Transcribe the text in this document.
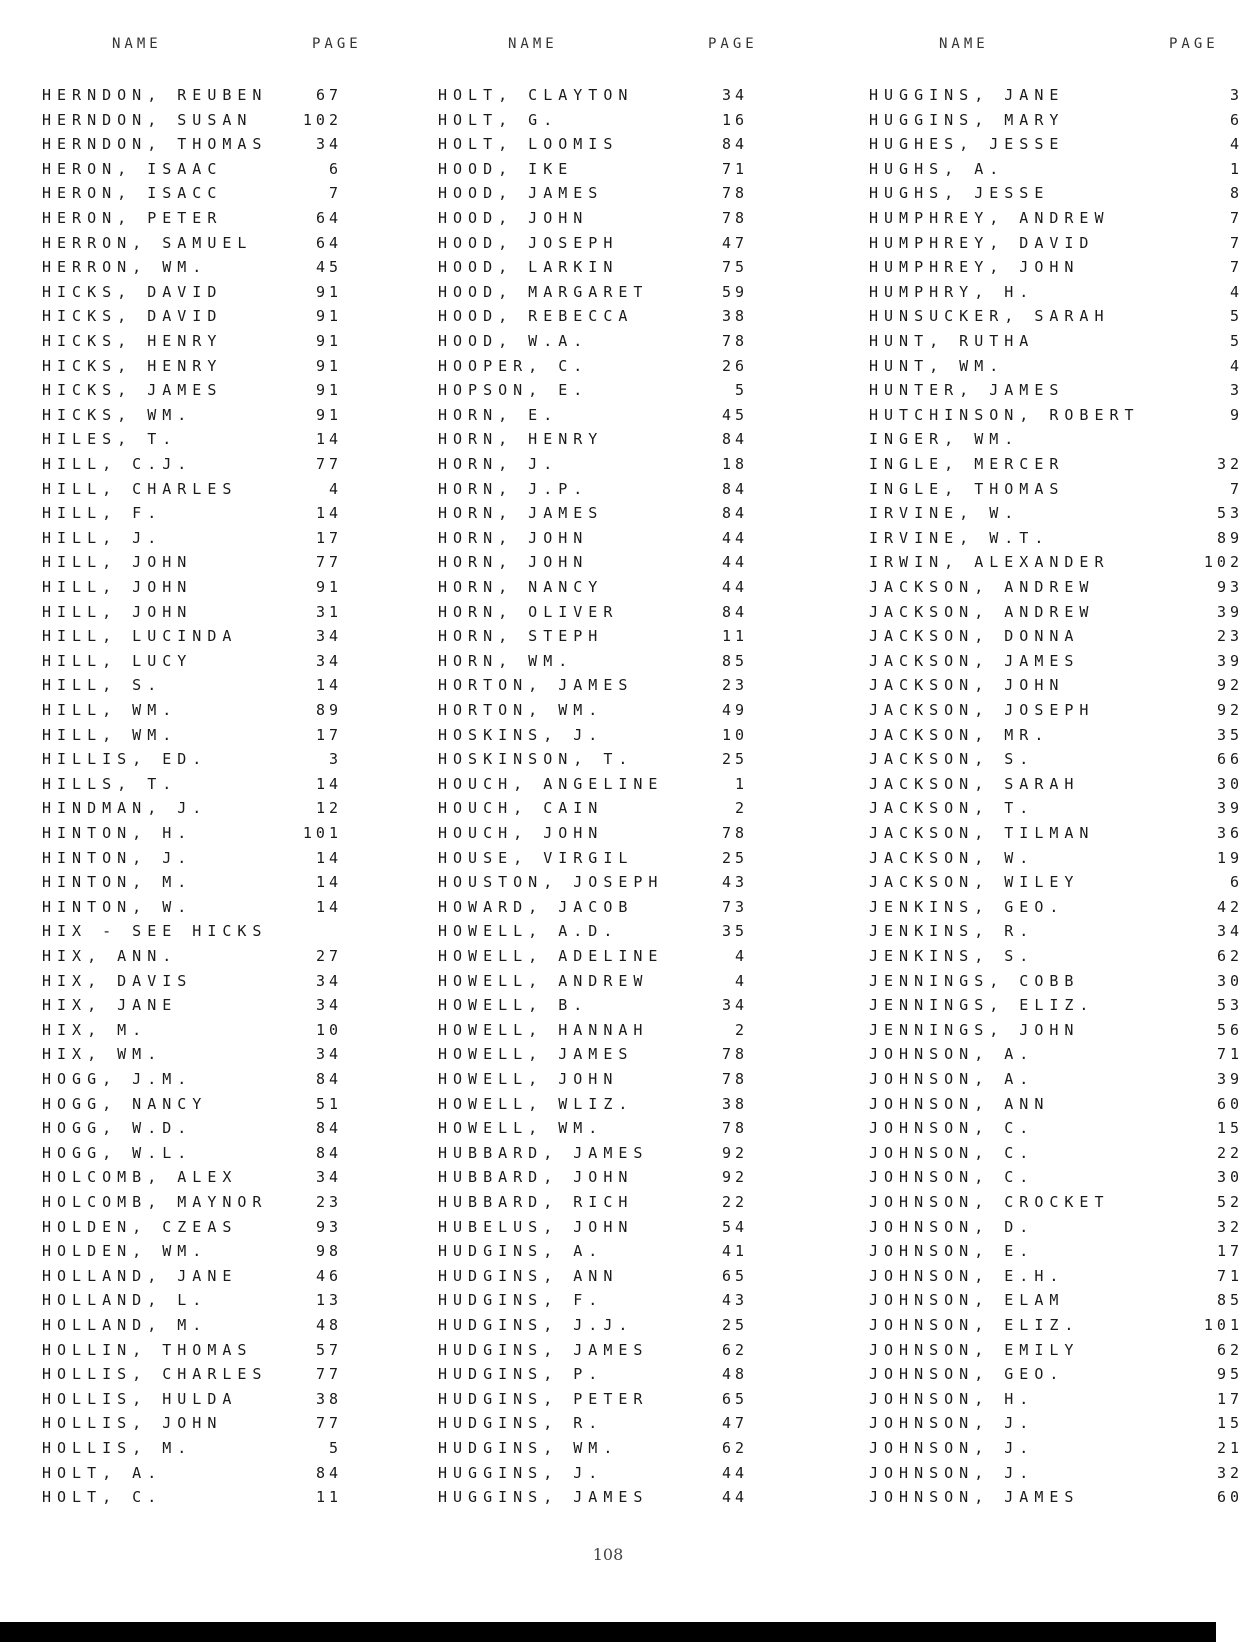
NAME	PAGE
HERNDON, REUBEN	67
HERNDON, SUSAN	102
HERNDON, THOMAS	34
HERON, ISAAC	6
HERON, ISACC	7
HERON, PETER	64
HERRON, SAMUEL	64
HERRON, WM.	45
HICKS, DAVID	91
HICKS, DAVID	91
HICKS, HENRY	91
HICKS, HENRY	91
HICKS, JAMES	91
HICKS, WM.	91
HILES, T.	14
HILL, C.J.	77
HILL, CHARLES	4
HILL, F.	14
HILL, J.	17
HILL, JOHN	77
HILL, JOHN	91
HILL, JOHN	31
HILL, LUCINDA	34
HILL, LUCY	34
HILL, S.	14
HILL, WM.	89
HILL, WM.	17
HILLIS, ED.	3
HILLS, T.	14
HINDMAN, J.	12
HINTON, H.	101
HINTON, J.	14
HINTON, M.	14
HINTON, W.	14
HIX - SEE HICKS
HIX, ANN.	27
HIX, DAVIS	34
HIX, JANE	34
HIX, M.	10
HIX, WM.	34
HOGG, J.M.	84
HOGG, NANCY	51
HOGG, W.D.	84
HOGG, W.L.	84
HOLCOMB, ALEX	34
HOLCOMB, MAYNOR	23
HOLDEN, CZEAS	93
HOLDEN, WM.	98
HOLLAND, JANE	46
HOLLAND, L.	13
HOLLAND, M.	48
HOLLIN, THOMAS	57
HOLLIS, CHARLES	77
HOLLIS, HULDA	38
HOLLIS, JOHN	77
HOLLIS, M.	5
HOLT, A.	84
HOLT, C.	11
NAME	PAGE
HOLT, CLAYTON	34
HOLT, G.	16
HOLT, LOOMIS	84
HOOD, IKE	71
HOOD, JAMES	78
HOOD, JOHN	78
HOOD, JOSEPH	47
HOOD, LARKIN	75
HOOD, MARGARET	59
HOOD, REBECCA	38
HOOD, W.A.	78
HOOPER, C.	26
HOPSON, E.	5
HORN, E.	45
HORN, HENRY	84
HORN, J.	18
HORN, J.P.	84
HORN, JAMES	84
HORN, JOHN	44
HORN, JOHN	44
HORN, NANCY	44
HORN, OLIVER	84
HORN, STEPH	11
HORN, WM.	85
HORTON, JAMES	23
HORTON, WM.	49
HOSKINS, J.	10
HOSKINSON, T.	25
HOUCH, ANGELINE	1
HOUCH, CAIN	2
HOUCH, JOHN	78
HOUSE, VIRGIL	25
HOUSTON, JOSEPH	43
HOWARD, JACOB	73
HOWELL, A.D.	35
HOWELL, ADELINE	4
HOWELL, ANDREW	4
HOWELL, B.	34
HOWELL, HANNAH	2
HOWELL, JAMES	78
HOWELL, JOHN	78
HOWELL, WLIZ.	38
HOWELL, WM.	78
HUBBARD, JAMES	92
HUBBARD, JOHN	92
HUBBARD, RICH	22
HUBELUS, JOHN	54
HUDGINS, A.	41
HUDGINS, ANN	65
HUDGINS, F.	43
HUDGINS, J.J.	25
HUDGINS, JAMES	62
HUDGINS, P.	48
HUDGINS, PETER	65
HUDGINS, R.	47
HUDGINS, WM.	62
HUGGINS, J.	44
HUGGINS, JAMES	44
NAME	PAGE
HUGGINS, JANE	3
HUGGINS, MARY	6
HUGHES, JESSE	4
HUGHS, A.	1
HUGHS, JESSE	8
HUMPHREY, ANDREW	7
HUMPHREY, DAVID	7
HUMPHREY, JOHN	7
HUMPHRY, H.	4
HUNSUCKER, SARAH	5
HUNT, RUTHA	5
HUNT, WM.	4
HUNTER, JAMES	3
HUTCHINSON, ROBERT	9
INGER, WM.
INGLE, MERCER	32
INGLE, THOMAS	7
IRVINE, W.	53
IRVINE, W.T.	89
IRWIN, ALEXANDER	102
JACKSON, ANDREW	93
JACKSON, ANDREW	39
JACKSON, DONNA	23
JACKSON, JAMES	39
JACKSON, JOHN	92
JACKSON, JOSEPH	92
JACKSON, MR.	35
JACKSON, S.	66
JACKSON, SARAH	30
JACKSON, T.	39
JACKSON, TILMAN	36
JACKSON, W.	19
JACKSON, WILEY	6
JENKINS, GEO.	42
JENKINS, R.	34
JENKINS, S.	62
JENNINGS, COBB	30
JENNINGS, ELIZ.	53
JENNINGS, JOHN	56
JOHNSON, A.	71
JOHNSON, A.	39
JOHNSON, ANN	60
JOHNSON, C.	15
JOHNSON, C.	22
JOHNSON, C.	30
JOHNSON, CROCKET	52
JOHNSON, D.	32
JOHNSON, E.	17
JOHNSON, E.H.	71
JOHNSON, ELAM	85
JOHNSON, ELIZ.	101
JOHNSON, EMILY	62
JOHNSON, GEO.	95
JOHNSON, H.	17
JOHNSON, J.	15
JOHNSON, J.	21
JOHNSON, J.	32
JOHNSON, JAMES	60
108
